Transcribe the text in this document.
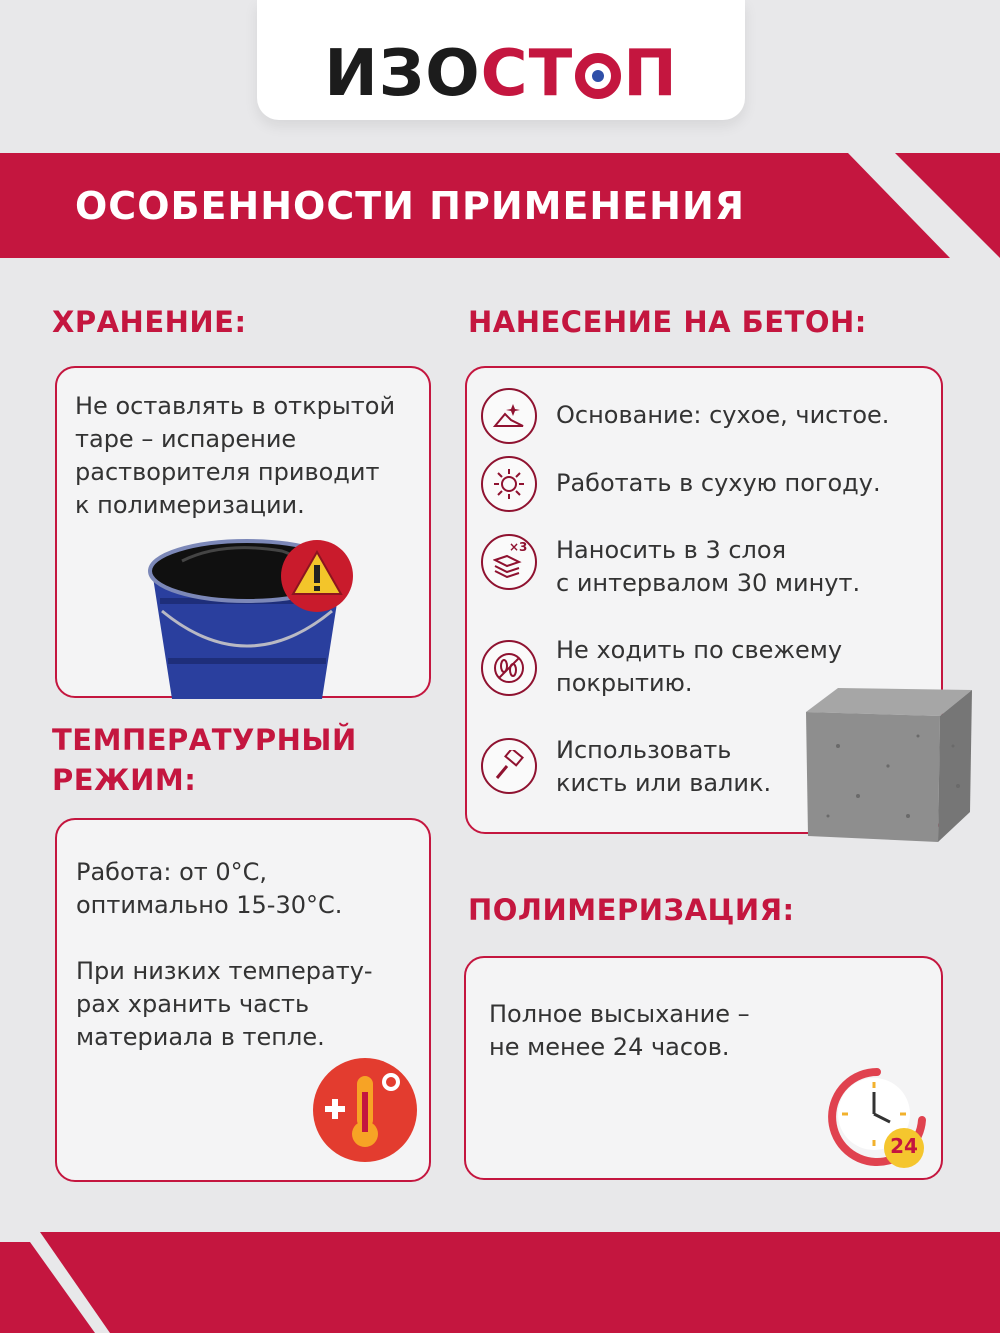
ИЗОСТ П
ОСОБЕННОСТИ ПРИМЕНЕНИЯ
ХРАНЕНИЕ:
Не оставлять в открытой
таре – испарение
растворителя приводит
к полимеризации.
ТЕМПЕРАТУРНЫЙ
РЕЖИМ:
Работа: от 0°С,
оптимально 15-30°С.
При низких температу-
рах хранить часть
материала в тепле.
НАНЕСЕНИЕ НА БЕТОН:
Основание: сухое, чистое.
Работать в сухую погоду.
×3 Наносить в 3 слоя
с интервалом 30 минут.
Не ходить по свежему
покрытию.
Использовать
кисть или валик.
ПОЛИМЕРИЗАЦИЯ:
Полное высыхание –
не менее 24 часов.
24
